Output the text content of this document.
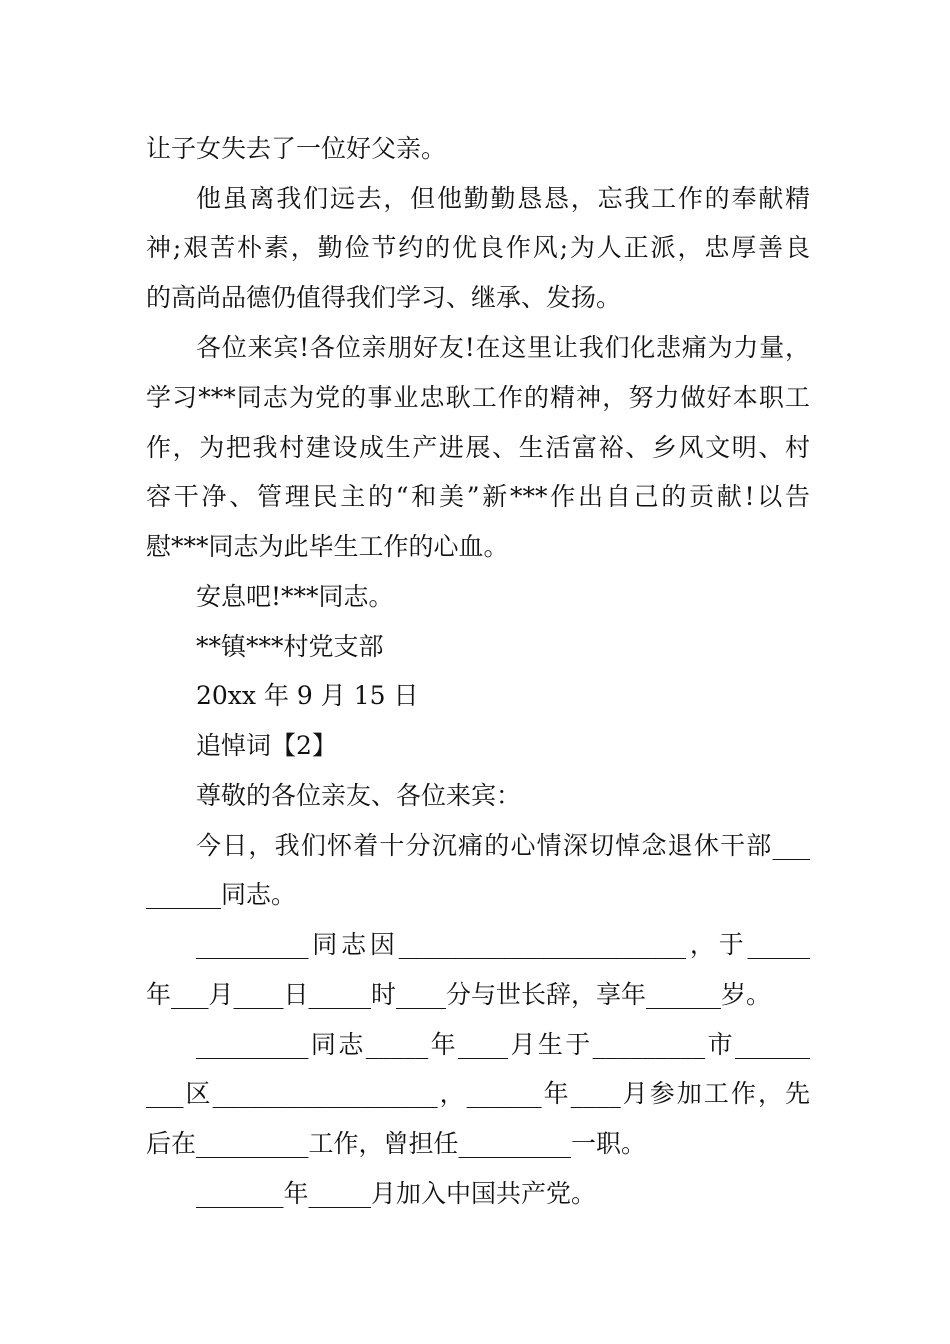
让子女失去了一位好父亲。
他虽离我们远去，但他勤勤恳恳，忘我工作的奉献精
神;艰苦朴素，勤俭节约的优良作风;为人正派，忠厚善良
的高尚品德仍值得我们学习、继承、发扬。
各位来宾!各位亲朋好友!在这里让我们化悲痛为力量，
学习***同志为党的事业忠耿工作的精神，努力做好本职工
作，为把我村建设成生产进展、生活富裕、乡风文明、村
容干净、管理民主的“和美”新***作出自己的贡献!以告
慰***同志为此毕生工作的心血。
安息吧!***同志。
**镇***村党支部
20xx 年 9 月 15 日
追悼词【2】
尊敬的各位亲友、各位来宾：
今日，我们怀着十分沉痛的心情深切悼念退休干部___
______同志。
_________同志因_______________________，于_____
年___月____日_____时____分与世长辞，享年______岁。
_________同志_____年____月生于_________市______
___区__________________，______年____月参加工作，先
后在_________工作，曾担任_________一职。
_______年_____月加入中国共产党。
